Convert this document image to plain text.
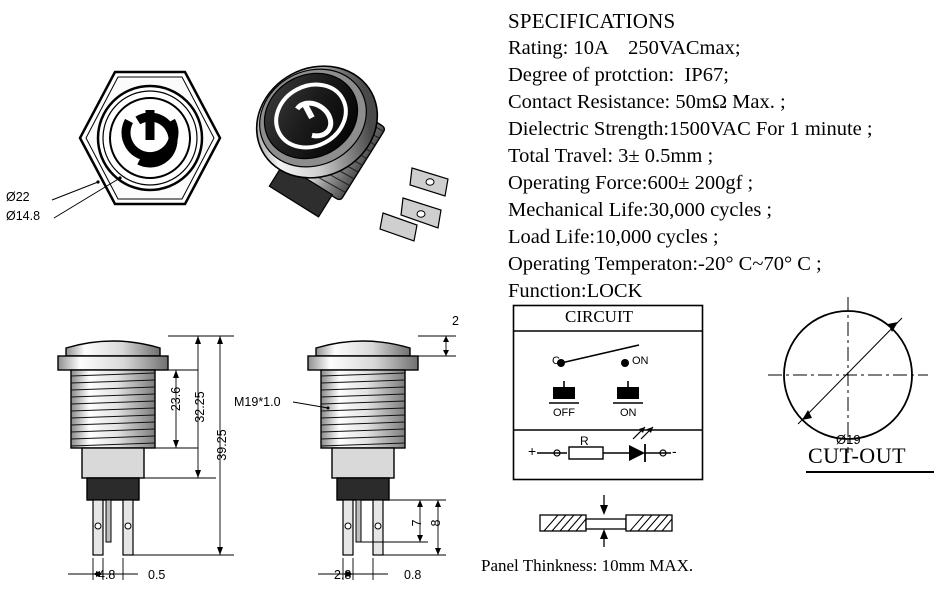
Ø22
Ø14.8
23.6 32.25
39.25
4.8	0.5
M19*1.0
2
7 8
2.8	0.8
SPECIFICATIONS
Rating: 10A    250VACmax;
Degree of protction:  IP67;
Contact Resistance: 50mΩ Max. ;
Dielectric Strength:1500VAC For 1 minute ;
Total Travel: 3± 0.5mm ;
Operating Force:600± 200gf ;
Mechanical Life:30,000 cycles ;
Load Life:10,000 cycles ;
Operating Temperaton:-20° C~70° C ;
Function:LOCK
CIRCUIT
C	ON
OFF	ON
R
+	-
Panel Thinkness: 10mm MAX.
Ø19
CUT-OUT
